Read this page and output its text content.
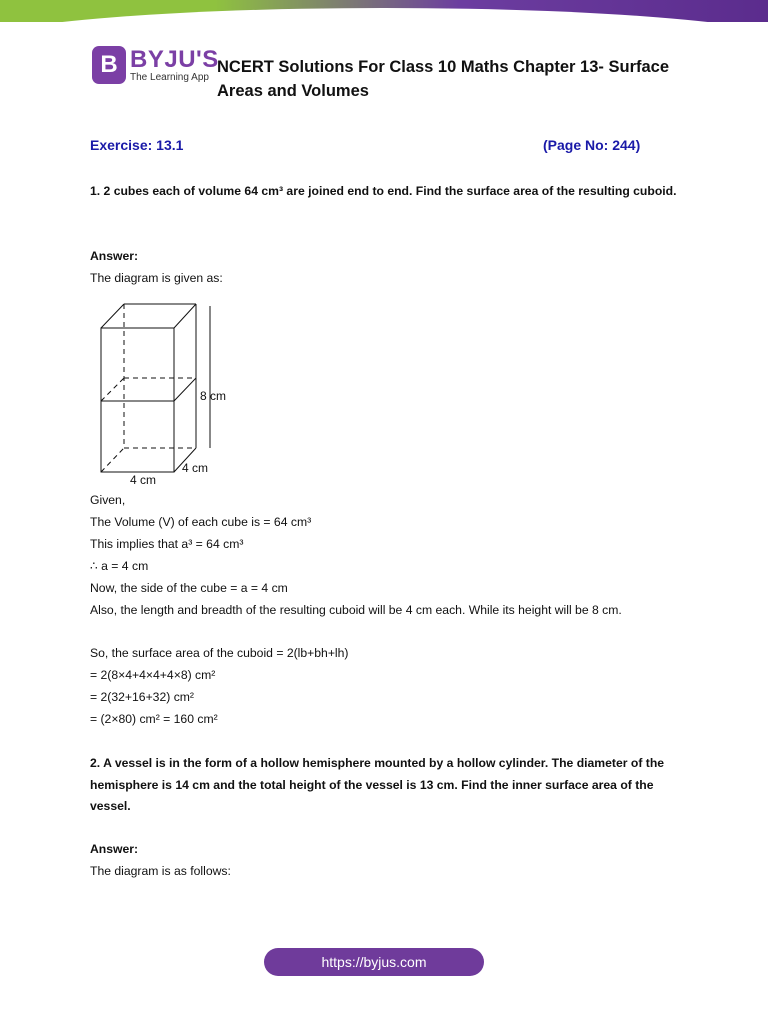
B BYJU'S
The Learning App
NCERT Solutions For Class 10 Maths Chapter 13- Surface Areas and Volumes
Exercise: 13.1	(Page No: 244)
1. 2 cubes each of volume 64 cm³ are joined end to end. Find the surface area of the resulting cuboid.
Answer:
The diagram is given as:
8 cm
4 cm
4 cm
Given,
The Volume (V) of each cube is = 64 cm³
This implies that a³ = 64 cm³
∴ a = 4 cm
Now, the side of the cube = a = 4 cm
Also, the length and breadth of the resulting cuboid will be 4 cm each. While its height will be 8 cm.
So, the surface area of the cuboid = 2(lb+bh+lh)
= 2(8×4+4×4+4×8) cm²
= 2(32+16+32) cm²
= (2×80) cm² = 160 cm²
2. A vessel is in the form of a hollow hemisphere mounted by a hollow cylinder. The diameter of the hemisphere is 14 cm and the total height of the vessel is 13 cm. Find the inner surface area of the vessel.
Answer:
The diagram is as follows:
https://byjus.com
